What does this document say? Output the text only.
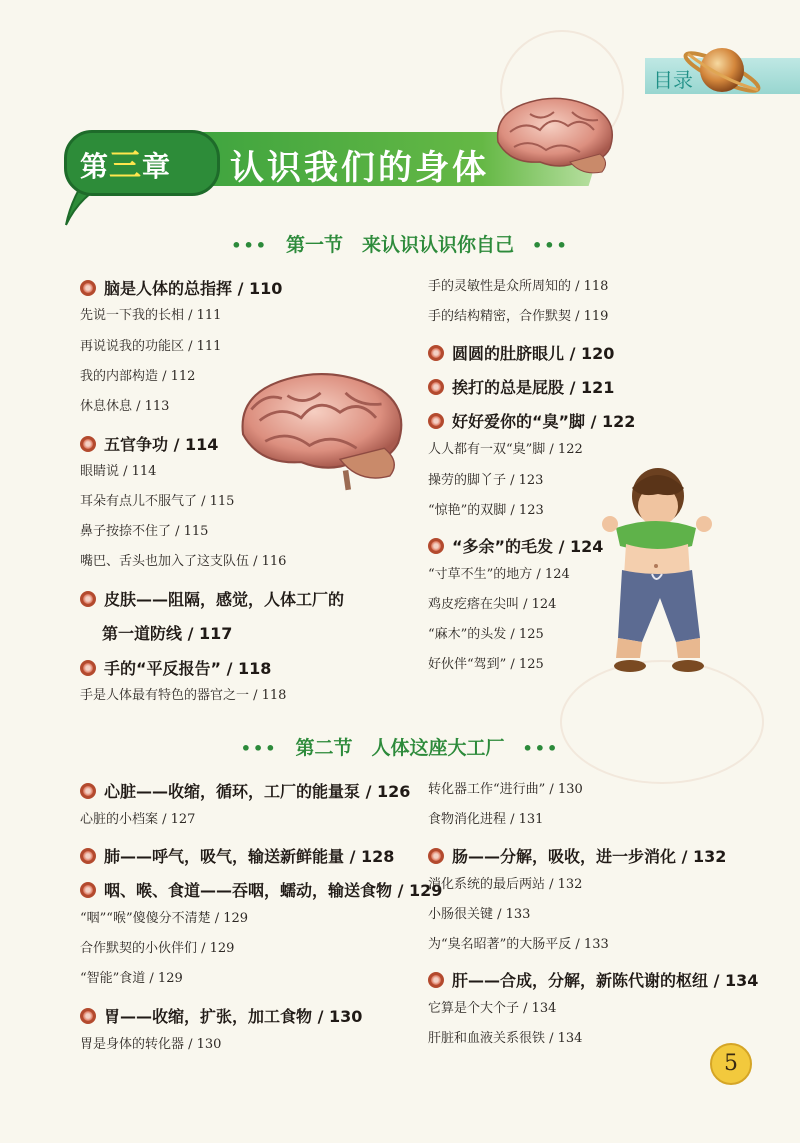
目录
第三章 认识我们的身体
••• 第一节　来认识认识你自己 •••
••• 第二节　人体这座大工厂 •••
脑是人体的总指挥 / 110
先说一下我的长相 / 111
再说说我的功能区 / 111
我的内部构造 / 112
休息休息 / 113
五官争功 / 114
眼睛说 / 114
耳朵有点儿不服气了 / 115
鼻子按捺不住了 / 115
嘴巴、舌头也加入了这支队伍 / 116
皮肤——阻隔，感觉，人体工厂的
第一道防线 / 117
手的“平反报告” / 118
手是人体最有特色的器官之一 / 118
手的灵敏性是众所周知的 / 118
手的结构精密，合作默契 / 119
圆圆的肚脐眼儿 / 120
挨打的总是屁股 / 121
好好爱你的“臭”脚 / 122
人人都有一双“臭”脚 / 122
操劳的脚丫子 / 123
“惊艳”的双脚 / 123
“多余”的毛发 / 124
“寸草不生”的地方 / 124
鸡皮疙瘩在尖叫 / 124
“麻木”的头发 / 125
好伙伴“驾到” / 125
心脏——收缩，循环，工厂的能量泵 / 126
心脏的小档案 / 127
肺——呼气，吸气，输送新鲜能量 / 128
咽、喉、食道——吞咽，蠕动，输送食物 / 129
“咽”“喉”傻傻分不清楚 / 129
合作默契的小伙伴们 / 129
“智能”食道 / 129
胃——收缩，扩张，加工食物 / 130
胃是身体的转化器 / 130
转化器工作“进行曲” / 130
食物消化进程 / 131
肠——分解，吸收，进一步消化 / 132
消化系统的最后两站 / 132
小肠很关键 / 133
为“臭名昭著”的大肠平反 / 133
肝——合成，分解，新陈代谢的枢纽 / 134
它算是个大个子 / 134
肝脏和血液关系很铁 / 134
5
